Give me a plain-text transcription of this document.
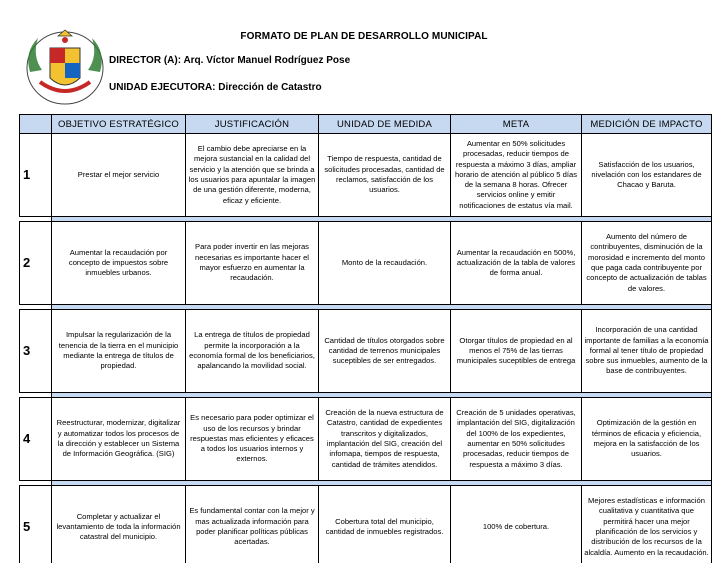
FORMATO DE PLAN DE DESARROLLO MUNICIPAL
DIRECTOR (A): Arq. Víctor Manuel Rodríguez Pose
UNIDAD EJECUTORA: Dirección de Catastro
	OBJETIVO ESTRATÉGICO	JUSTIFICACIÓN	UNIDAD DE MEDIDA	META	MEDICIÓN DE IMPACTO
1	Prestar el mejor servicio	El cambio debe apreciarse en la mejora sustancial en la calidad del servicio y la atención que se brinda a los usuarios para apuntalar la imagen de una gestión diferente, moderna, eficaz y eficiente.	Tiempo de respuesta, cantidad de solicitudes procesadas, cantidad de reclamos, satisfacción de los usuarios.	Aumentar en 50% solicitudes procesadas, reducir tiempos de respuesta a máximo 3 días, ampliar horario de atención al público 5 días de la semana 8 horas. Ofrecer servicios online y emitir notificaciones de estatus vía mail.	Satisfacción de los usuarios, nivelación con los estandares de Chacao y Baruta.

2	Aumentar la recaudación por concepto de impuestos sobre inmuebles urbanos.	Para poder invertir en las mejoras necesarias es importante hacer el mayor esfuerzo en aumentar la recaudación.	Monto de la recaudación.	Aumentar la recaudación en 500%, actualización de la tabla de valores de forma anual.	Aumento del número de contribuyentes, disminución de la morosidad e incremento del monto que paga cada contribuyente por concepto de actualización de tablas de valores.

3	Impulsar la regularización de la tenencia de la tierra en el municipio mediante la entrega de títulos de propiedad.	La entrega de títulos de propiedad permite la incorporación a la economía formal de los beneficiarios, apalancando la movilidad social.	Cantidad de títulos otorgados sobre cantidad de terrenos municipales suceptibles de ser entregados.	Otorgar títulos de propiedad en al menos el 75% de las tierras municipales suceptibles de entrega	Incorporación de una cantidad importante de familias a la economía formal al tener título de propiedad sobre sus inmuebles, aumento de la base de contribuyentes.

4	Reestructurar, modernizar, digitalizar y automatizar todos los procesos de la dirección y establecer un Sistema de Información Geográfica. (SIG)	Es necesario para poder optimizar el uso de los recursos y brindar respuestas mas eficientes y eficaces a todos los usuarios internos y externos.	Creación de la nueva estructura de Catastro, cantidad de expedientes transcritos y digitalizados, implantación del SIG, creación del infomapa, tiempos de respuesta, cantidad de trámites atendidos.	Creación de 5 unidades operativas, implantación del SIG, digitalización del 100% de los expedientes, aumentar en 50% solicitudes procesadas, reducir tiempos de respuesta a máximo 3 días.	Optimización de la gestión en términos de eficacia y eficiencia, mejora en la satisfacción de los usuarios.

5	Completar y actualizar el levantamiento de toda la información catastral del municipio.	Es fundamental contar con la mejor y mas actualizada información para poder planificar políticas públicas acertadas.	Cobertura total del municipio, cantidad de inmuebles registrados.	100% de cobertura.	Mejores estadísticas e información cualitativa y cuantitativa que permitirá hacer una mejor planificación de los servicios y distribución de los recursos de la alcaldía. Aumento en la recaudación.
